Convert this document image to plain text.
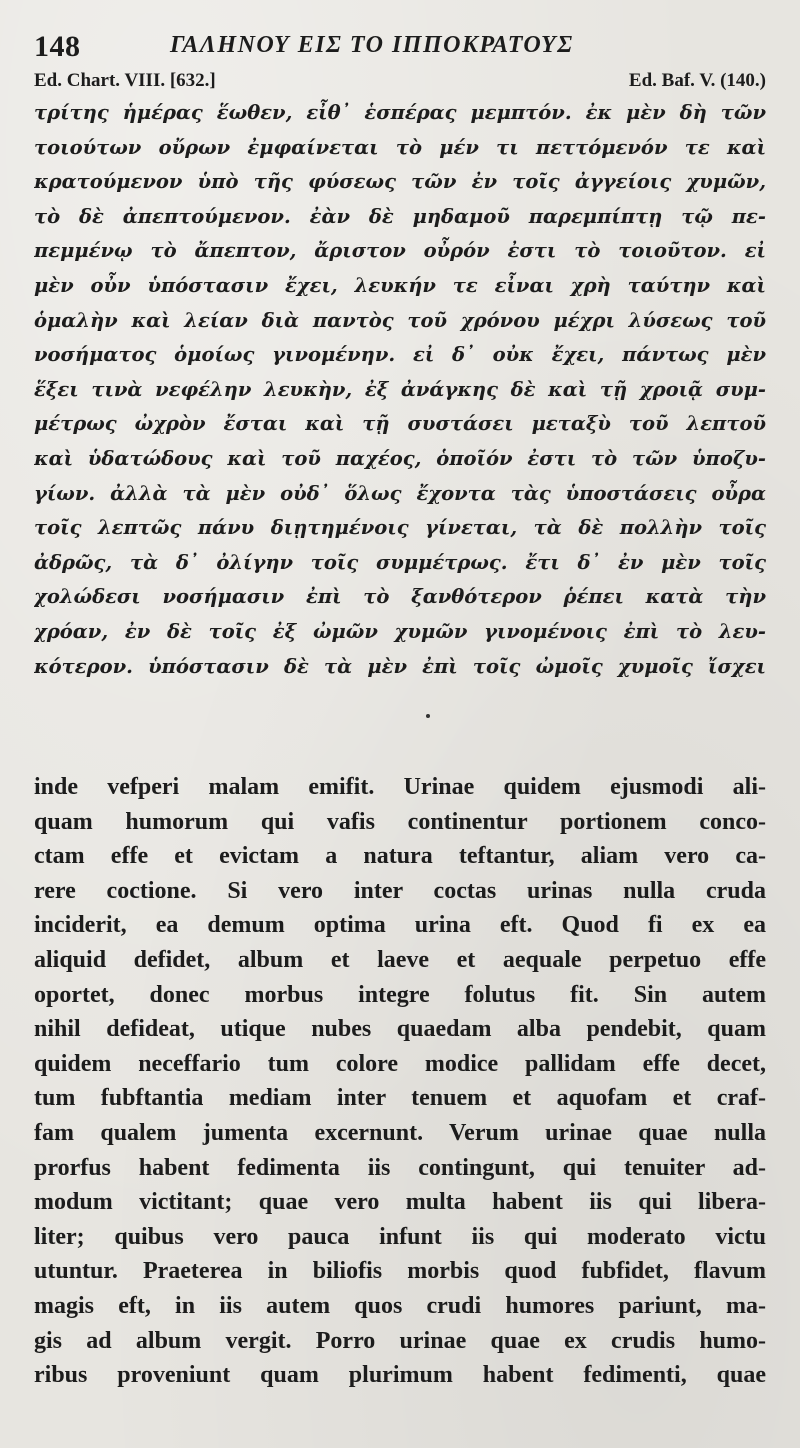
148	ΓΑΛΗΝΟΥ ΕΙΣ ΤΟ ΙΠΠΟΚΡΑΤΟΥΣ
Ed. Chart. VIII. [632.]	Ed. Baf. V. (140.)
τρίτης ἡμέρας ἕωθεν, εἶθ᾽ ἑσπέρας μεμπτόν. ἐκ μὲν δὴ τῶν
τοιούτων οὔρων ἐμφαίνεται τὸ μέν τι πεττόμενόν τε καὶ
κρατούμενον ὑπὸ τῆς φύσεως τῶν ἐν τοῖς ἀγγείοις χυμῶν,
τὸ δὲ ἀπεπτούμενον. ἐὰν δὲ μηδαμοῦ παρεμπίπτῃ τῷ πε-
πεμμένῳ τὸ ἄπεπτον, ἄριστον οὖρόν ἐστι τὸ τοιοῦτον. εἰ
μὲν οὖν ὑπόστασιν ἔχει, λευκήν τε εἶναι χρὴ ταύτην καὶ
ὁμαλὴν καὶ λείαν διὰ παντὸς τοῦ χρόνου μέχρι λύσεως τοῦ
νοσήματος ὁμοίως γινομένην. εἰ δ᾽ οὐκ ἔχει, πάντως μὲν
ἕξει τινὰ νεφέλην λευκὴν, ἐξ ἀνάγκης δὲ καὶ τῇ χροιᾷ συμ-
μέτρως ὠχρὸν ἔσται καὶ τῇ συστάσει μεταξὺ τοῦ λεπτοῦ
καὶ ὑδατώδους καὶ τοῦ παχέος, ὁποῖόν ἐστι τὸ τῶν ὑποζυ-
γίων. ἀλλὰ τὰ μὲν οὐδ᾽ ὅλως ἔχοντα τὰς ὑποστάσεις οὖρα
τοῖς λεπτῶς πάνυ διῃτημένοις γίνεται, τὰ δὲ πολλὴν τοῖς
ἀδρῶς, τὰ δ᾽ ὀλίγην τοῖς συμμέτρως. ἔτι δ᾽ ἐν μὲν τοῖς
χολώδεσι νοσήμασιν ἐπὶ τὸ ξανθότερον ῥέπει κατὰ τὴν
χρόαν, ἐν δὲ τοῖς ἐξ ὠμῶν χυμῶν γινομένοις ἐπὶ τὸ λευ-
κότερον. ὑπόστασιν δὲ τὰ μὲν ἐπὶ τοῖς ὠμοῖς χυμοῖς ἴσχει
inde vefperi malam emifit. Urinae quidem ejusmodi ali-
quam humorum qui vafis continentur portionem conco-
ctam effe et evictam a natura teftantur, aliam vero ca-
rere coctione. Si vero inter coctas urinas nulla cruda
inciderit, ea demum optima urina eft. Quod fi ex ea
aliquid defidet, album et laeve et aequale perpetuo effe
oportet, donec morbus integre folutus fit. Sin autem
nihil defideat, utique nubes quaedam alba pendebit, quam
quidem neceffario tum colore modice pallidam effe decet,
tum fubftantia mediam inter tenuem et aquofam et craf-
fam qualem jumenta excernunt. Verum urinae quae nulla
prorfus habent fedimenta iis contingunt, qui tenuiter ad-
modum victitant; quae vero multa habent iis qui libera-
liter; quibus vero pauca infunt iis qui moderato victu
utuntur. Praeterea in biliofis morbis quod fubfidet, flavum
magis eft, in iis autem quos crudi humores pariunt, ma-
gis ad album vergit. Porro urinae quae ex crudis humo-
ribus proveniunt quam plurimum habent fedimenti, quae
